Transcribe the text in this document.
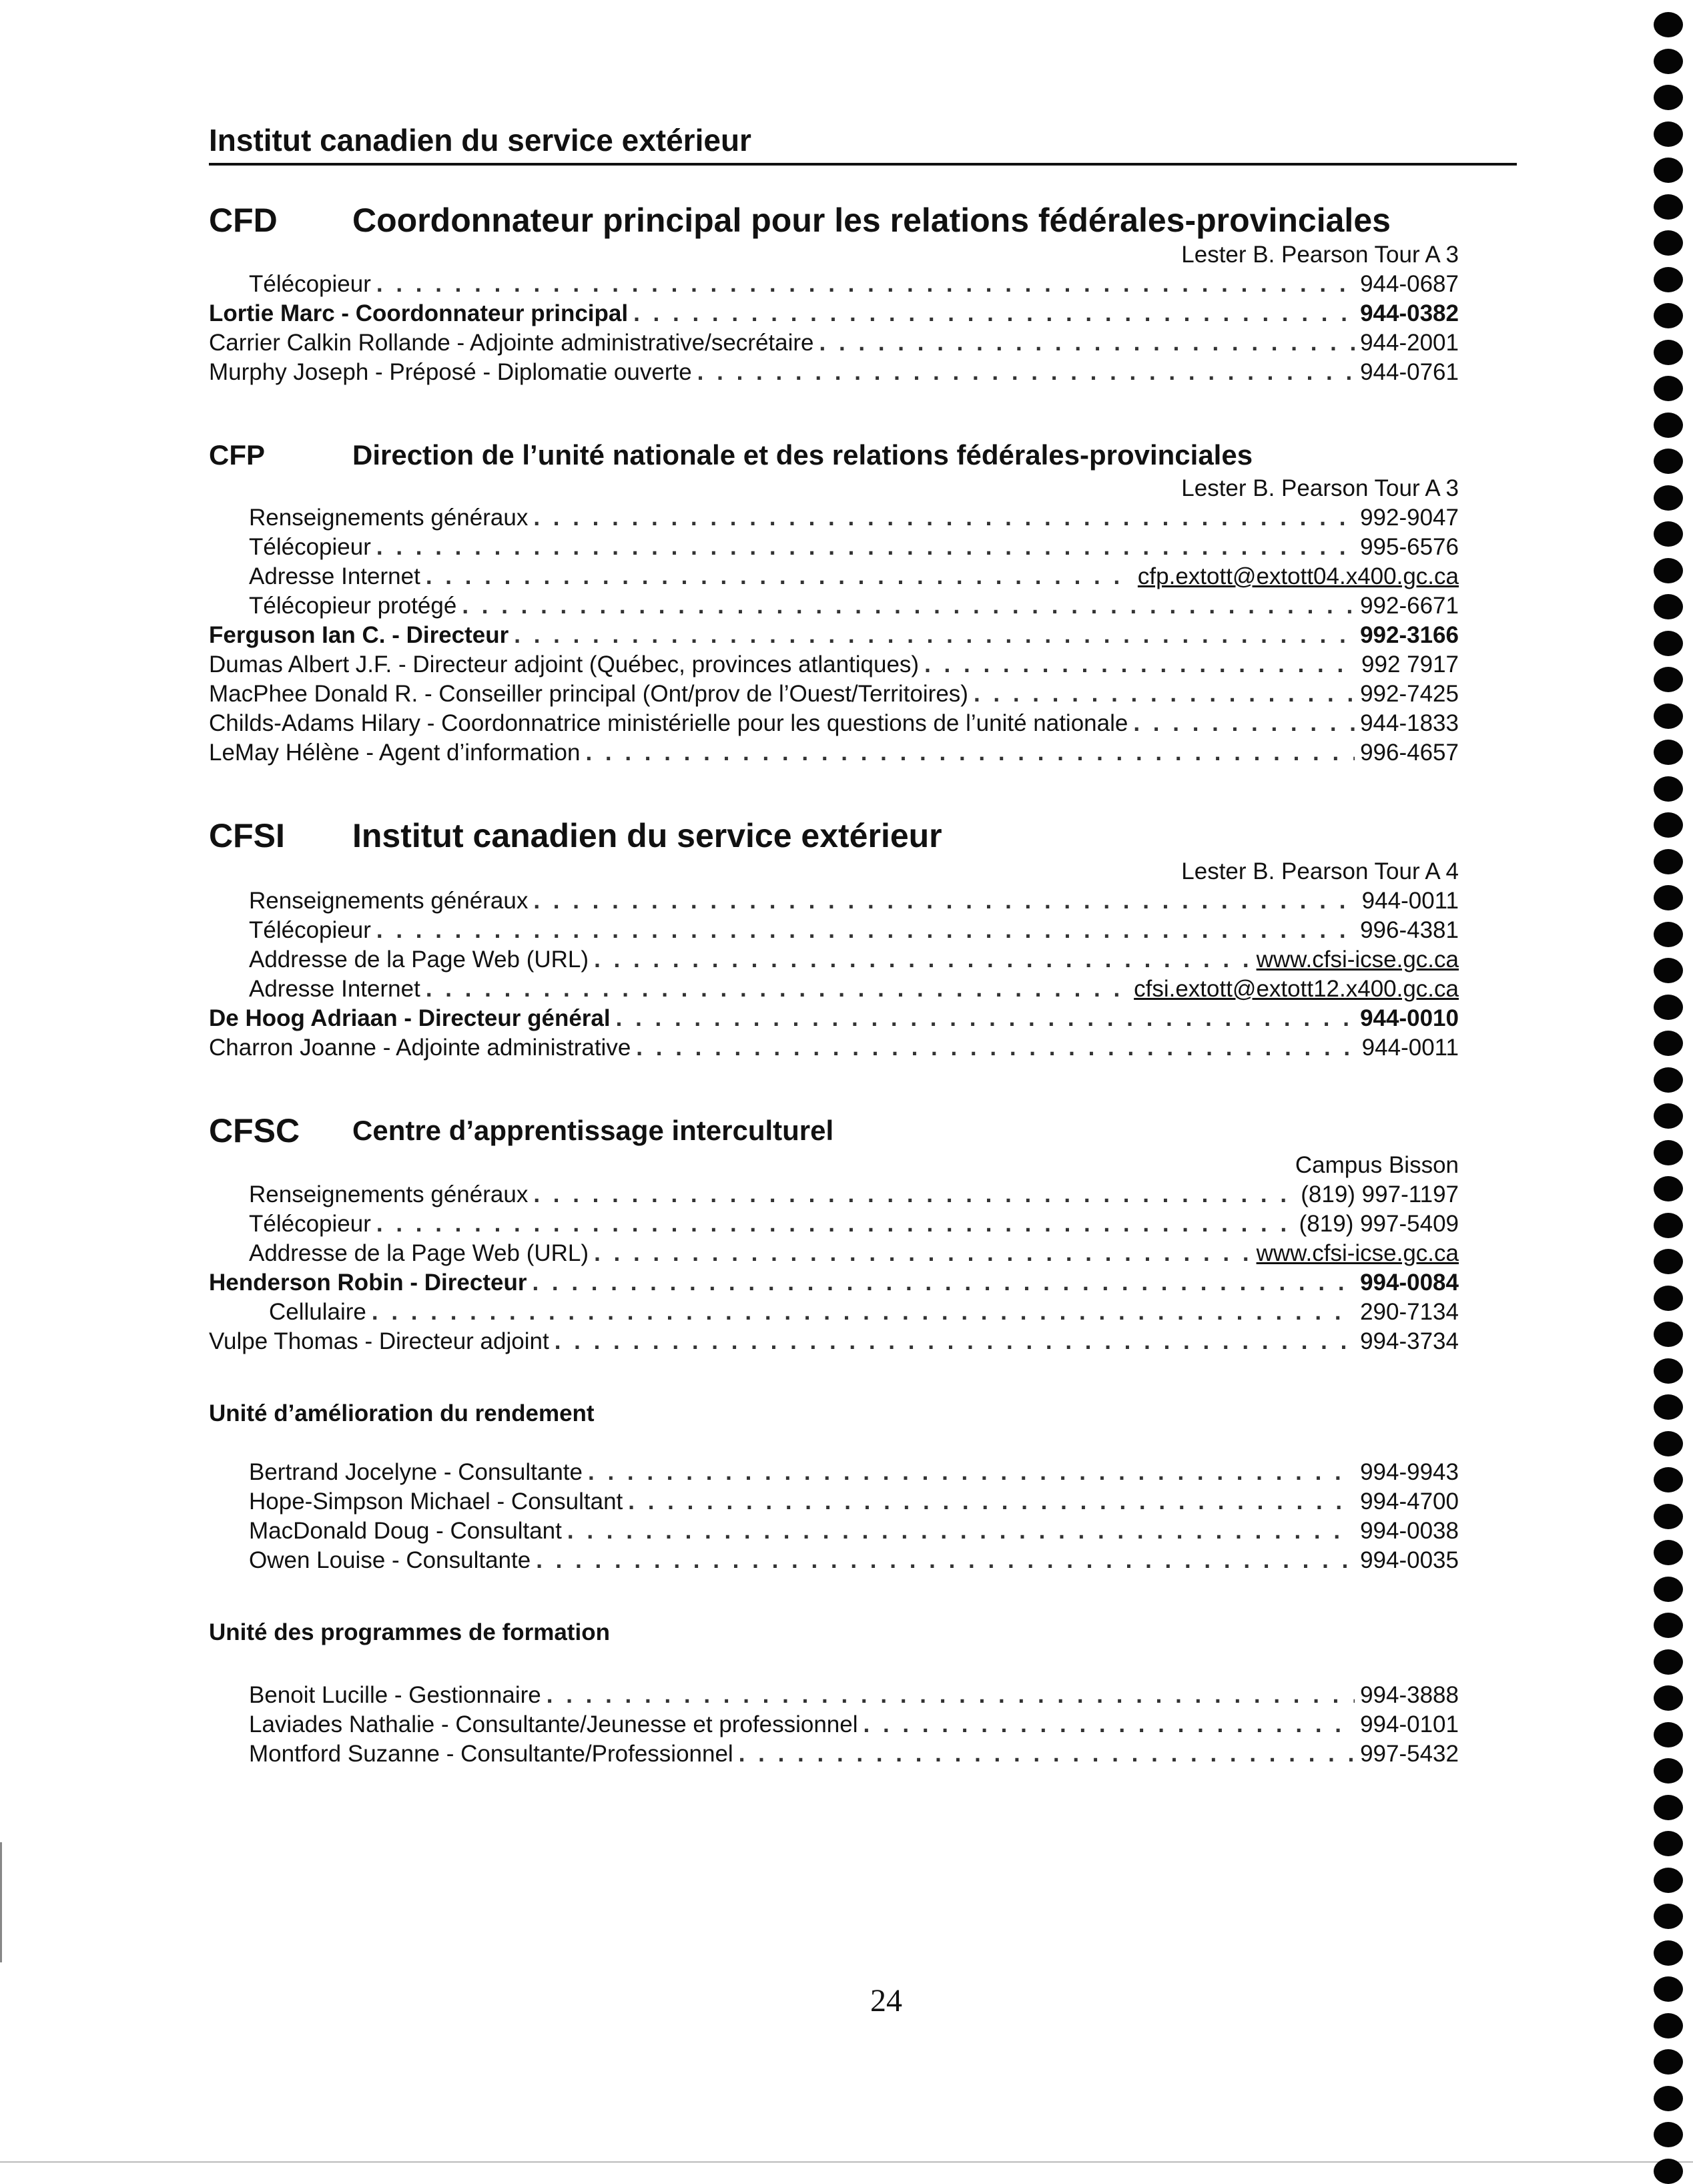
Institut canadien du service extérieur
CFD Coordonnateur principal pour les relations fédérales-provinciales
Lester B. Pearson Tour A 3
Télécopieur . . .	944-0687
Lortie Marc - Coordonnateur principal . . .	944-0382
Carrier Calkin Rollande - Adjointe administrative/secrétaire . . .	944-2001
Murphy Joseph - Préposé - Diplomatie ouverte . . .	944-0761
CFP	Direction de l’unité nationale et des relations fédérales-provinciales
Lester B. Pearson Tour A 3
Renseignements généraux . . .	992-9047
Télécopieur . . .	995-6576
Adresse Internet . . .	cfp.extott@extott04.x400.gc.ca
Télécopieur protégé . . .	992-6671
Ferguson Ian C. - Directeur . . .	992-3166
Dumas Albert J.F. - Directeur adjoint (Québec, provinces atlantiques) . . .	992 7917
MacPhee Donald R. - Conseiller principal (Ont/prov de l’Ouest/Territoires) . . .	992-7425
Childs-Adams Hilary - Coordonnatrice ministérielle pour les questions de l’unité nationale . . .	944-1833
LeMay Hélène - Agent d’information . . .	996-4657
CFSI Institut canadien du service extérieur
Lester B. Pearson Tour A 4
Renseignements généraux . . .	944-0011
Télécopieur . . .	996-4381
Addresse de la Page Web (URL) . . .	www.cfsi-icse.gc.ca
Adresse Internet . . .	cfsi.extott@extott12.x400.gc.ca
De Hoog Adriaan - Directeur général . . .	944-0010
Charron Joanne - Adjointe administrative . . .	944-0011
CFSC Centre d’apprentissage interculturel
Campus Bisson
Renseignements généraux . . .	(819) 997-1197
Télécopieur . . .	(819) 997-5409
Addresse de la Page Web (URL) . . .	www.cfsi-icse.gc.ca
Henderson Robin - Directeur . . .	994-0084
Cellulaire . . .	290-7134
Vulpe Thomas - Directeur adjoint . . .	994-3734
Unité d’amélioration du rendement
Bertrand Jocelyne - Consultante . . .	994-9943
Hope-Simpson Michael - Consultant . . .	994-4700
MacDonald Doug - Consultant . . .	994-0038
Owen Louise - Consultante . . .	994-0035
Unité des programmes de formation
Benoit Lucille - Gestionnaire . . .	994-3888
Laviades Nathalie - Consultante/Jeunesse et professionnel . . .	994-0101
Montford Suzanne - Consultante/Professionnel . . .	997-5432
24
